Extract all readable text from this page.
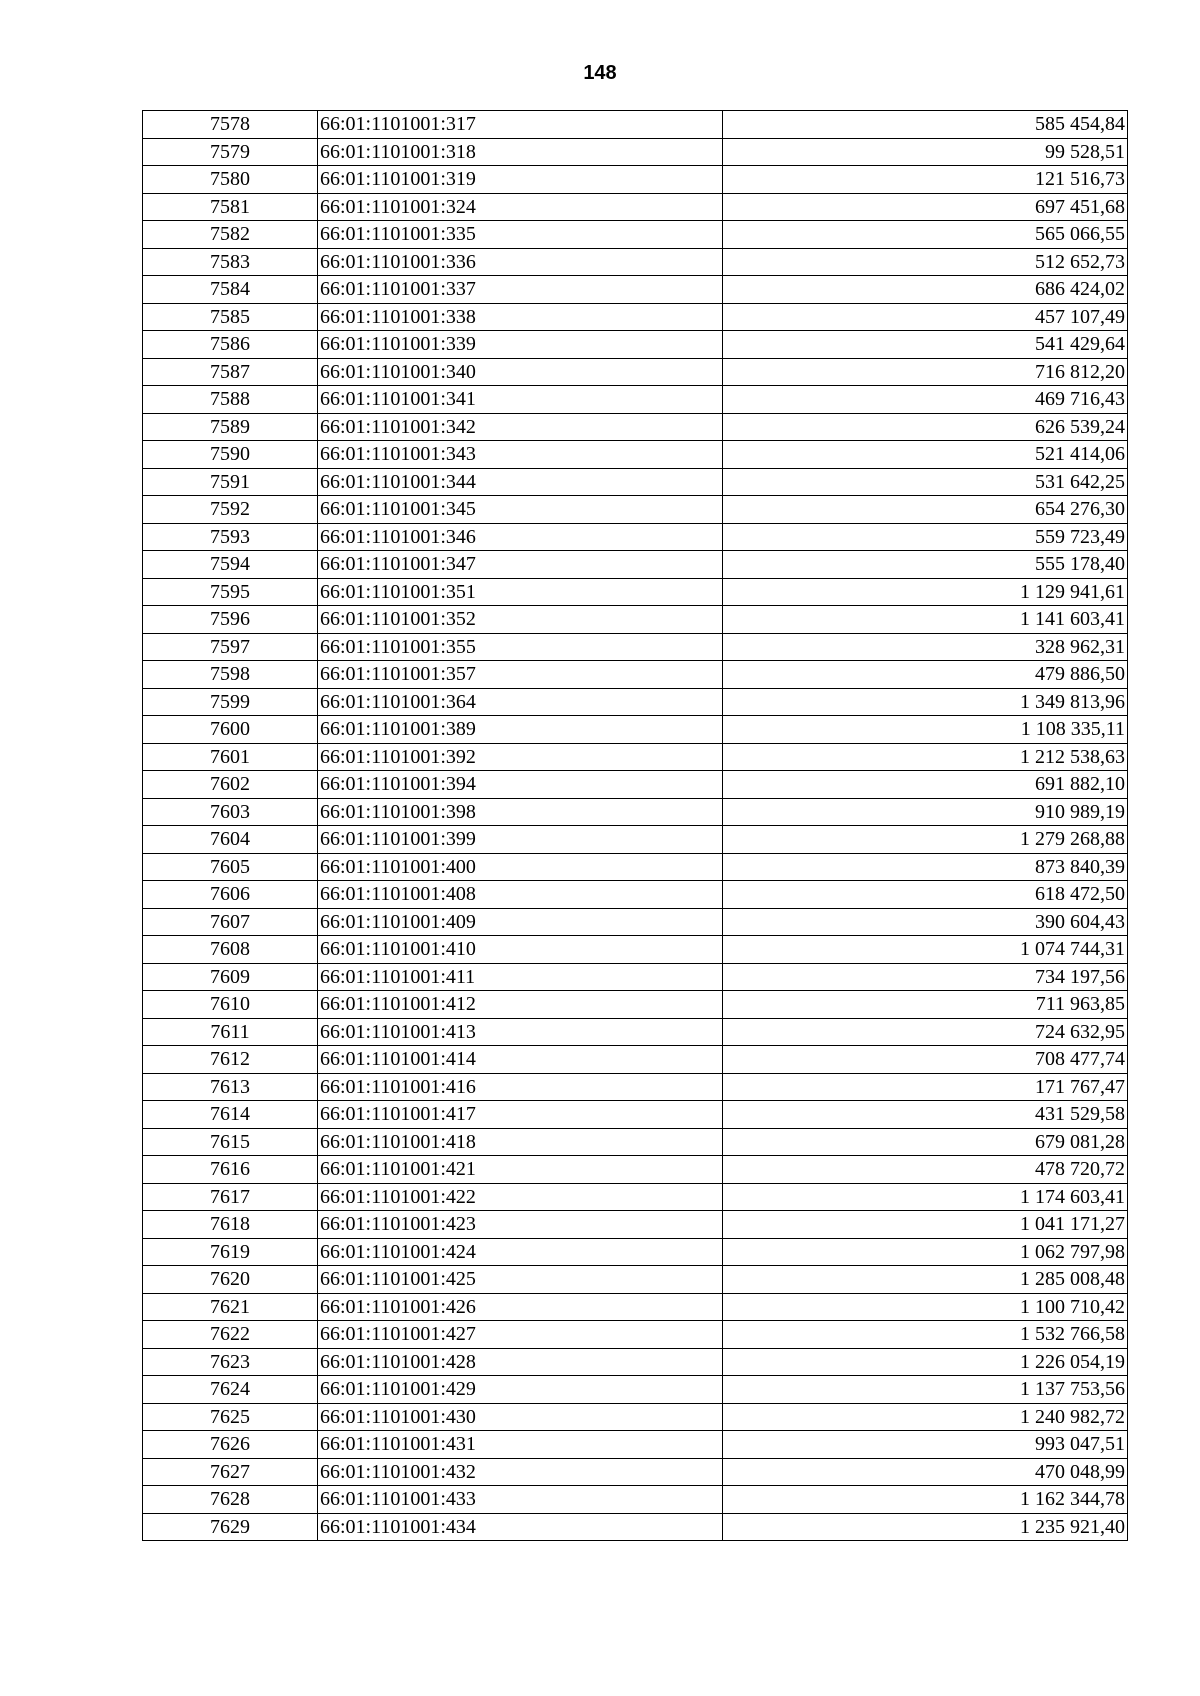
148
7578	66:01:1101001:317	585 454,84
7579	66:01:1101001:318	99 528,51
7580	66:01:1101001:319	121 516,73
7581	66:01:1101001:324	697 451,68
7582	66:01:1101001:335	565 066,55
7583	66:01:1101001:336	512 652,73
7584	66:01:1101001:337	686 424,02
7585	66:01:1101001:338	457 107,49
7586	66:01:1101001:339	541 429,64
7587	66:01:1101001:340	716 812,20
7588	66:01:1101001:341	469 716,43
7589	66:01:1101001:342	626 539,24
7590	66:01:1101001:343	521 414,06
7591	66:01:1101001:344	531 642,25
7592	66:01:1101001:345	654 276,30
7593	66:01:1101001:346	559 723,49
7594	66:01:1101001:347	555 178,40
7595	66:01:1101001:351	1 129 941,61
7596	66:01:1101001:352	1 141 603,41
7597	66:01:1101001:355	328 962,31
7598	66:01:1101001:357	479 886,50
7599	66:01:1101001:364	1 349 813,96
7600	66:01:1101001:389	1 108 335,11
7601	66:01:1101001:392	1 212 538,63
7602	66:01:1101001:394	691 882,10
7603	66:01:1101001:398	910 989,19
7604	66:01:1101001:399	1 279 268,88
7605	66:01:1101001:400	873 840,39
7606	66:01:1101001:408	618 472,50
7607	66:01:1101001:409	390 604,43
7608	66:01:1101001:410	1 074 744,31
7609	66:01:1101001:411	734 197,56
7610	66:01:1101001:412	711 963,85
7611	66:01:1101001:413	724 632,95
7612	66:01:1101001:414	708 477,74
7613	66:01:1101001:416	171 767,47
7614	66:01:1101001:417	431 529,58
7615	66:01:1101001:418	679 081,28
7616	66:01:1101001:421	478 720,72
7617	66:01:1101001:422	1 174 603,41
7618	66:01:1101001:423	1 041 171,27
7619	66:01:1101001:424	1 062 797,98
7620	66:01:1101001:425	1 285 008,48
7621	66:01:1101001:426	1 100 710,42
7622	66:01:1101001:427	1 532 766,58
7623	66:01:1101001:428	1 226 054,19
7624	66:01:1101001:429	1 137 753,56
7625	66:01:1101001:430	1 240 982,72
7626	66:01:1101001:431	993 047,51
7627	66:01:1101001:432	470 048,99
7628	66:01:1101001:433	1 162 344,78
7629	66:01:1101001:434	1 235 921,40
